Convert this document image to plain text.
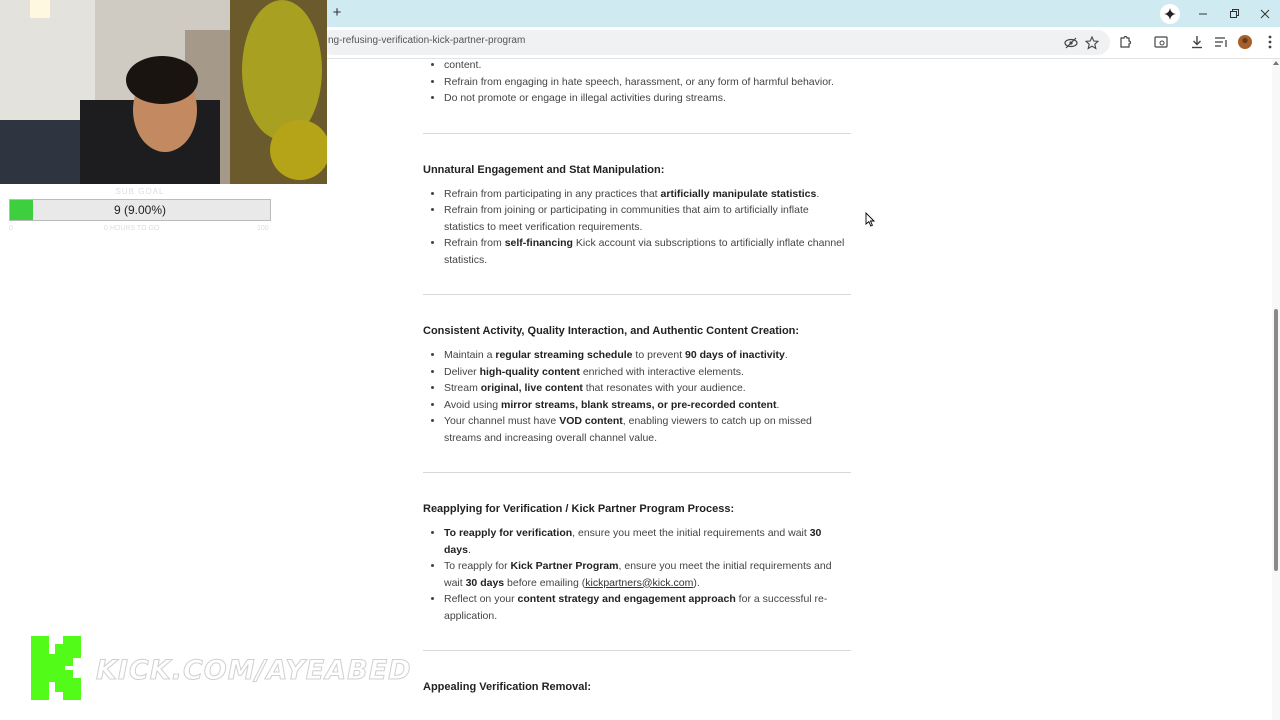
+
ng-refusing-verification-kick-partner-program
• content.
• Refrain from engaging in hate speech, harassment, or any form of harmful behavior.
• Do not promote or engage in illegal activities during streams.
Unnatural Engagement and Stat Manipulation:
• Refrain from participating in any practices that artificially manipulate statistics.
• Refrain from joining or participating in communities that aim to artificially inflate statistics to meet verification requirements.
• Refrain from self-financing Kick account via subscriptions to artificially inflate channel statistics.
Consistent Activity, Quality Interaction, and Authentic Content Creation:
• Maintain a regular streaming schedule to prevent 90 days of inactivity.
• Deliver high-quality content enriched with interactive elements.
• Stream original, live content that resonates with your audience.
• Avoid using mirror streams, blank streams, or pre-recorded content.
• Your channel must have VOD content, enabling viewers to catch up on missed streams and increasing overall channel value.
Reapplying for Verification / Kick Partner Program Process:
• To reapply for verification, ensure you meet the initial requirements and wait 30 days.
• To reapply for Kick Partner Program, ensure you meet the initial requirements and wait 30 days before emailing (kickpartners@kick.com).
• Reflect on your content strategy and engagement approach for a successful re-application.
Appealing Verification Removal:
SUB GOAL
9 (9.00%)
0	0 HOURS TO GO	100
KICK.COM/AYEABED
